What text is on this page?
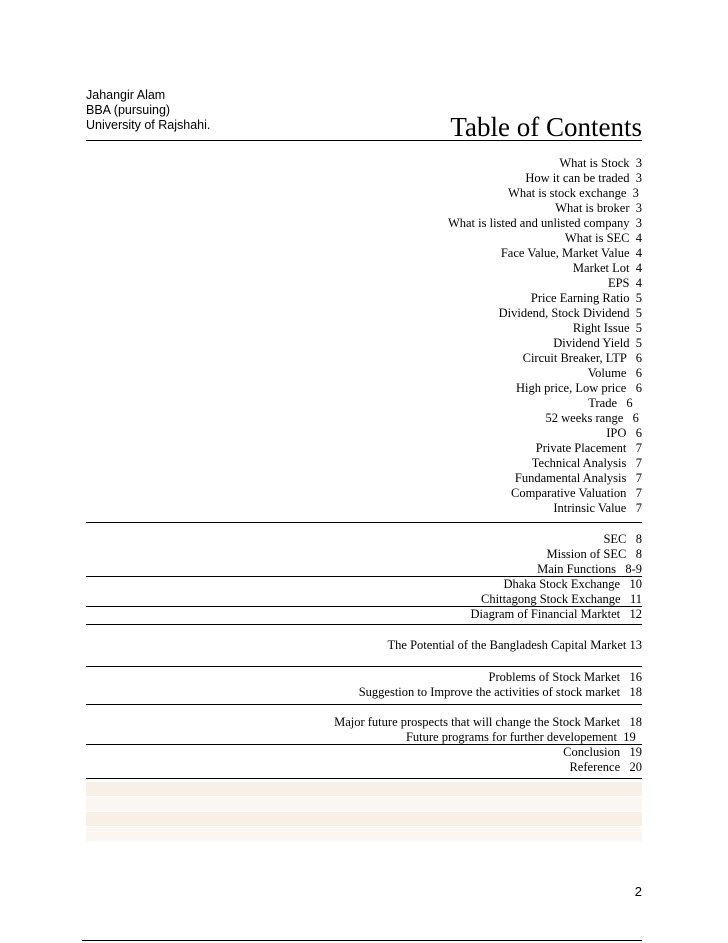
Jahangir Alam
BBA (pursuing)
University of Rajshahi.	Table of Contents
What is Stock  3
How it can be traded  3
What is stock exchange  3
What is broker  3
What is listed and unlisted company  3
What is SEC  4
Face Value, Market Value  4
Market Lot  4
EPS  4
Price Earning Ratio  5
Dividend, Stock Dividend  5
Right Issue  5
Dividend Yield  5
Circuit Breaker, LTP   6
Volume   6
High price, Low price   6
Trade   6
52 weeks range   6
IPO   6
Private Placement   7
Technical Analysis   7
Fundamental Analysis   7
Comparative Valuation   7
Intrinsic Value   7
SEC   8
Mission of SEC   8
Main Functions   8-9
Dhaka Stock Exchange   10
Chittagong Stock Exchange   11
Diagram of Financial Marktet   12
The Potential of the Bangladesh Capital Market 13
Problems of Stock Market   16
Suggestion to Improve the activities of stock market   18
Major future prospects that will change the Stock Market   18
Future programs for further developement  19
Conclusion   19
Reference   20
2
